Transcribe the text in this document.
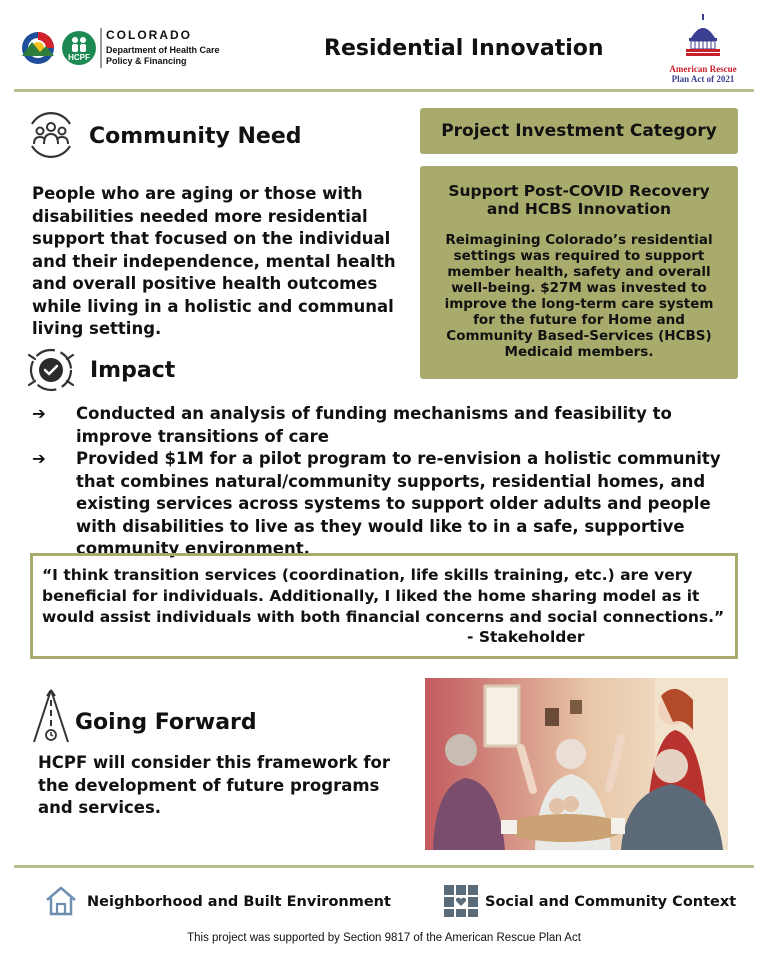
HCPF
COLORADO
Department of Health Care
Policy & Financing	Residential Innovation
American Rescue
Plan Act of 2021
Community Need
People who are aging or those with disabilities needed more residential support that focused on the individual and their independence, mental health and overall positive health outcomes while living in a holistic and communal living setting.
Project Investment Category
Support Post-COVID Recovery and HCBS Innovation
Reimagining Colorado’s residential settings was required to support member health, safety and overall well-being. $27M was invested to improve the long-term care system for the future for Home and Community Based-Services (HCBS) Medicaid members.
Impact
➔ Conducted an analysis of funding mechanisms and feasibility to improve transitions of care
➔ Provided $1M for a pilot program to re-envision a holistic community that combines natural/community supports, residential homes, and existing services across systems to support older adults and people with disabilities to live as they would like to in a safe, supportive community environment.
“I think transition services (coordination, life skills training, etc.) are very beneficial for individuals. Additionally, I liked the home sharing model as it would assist individuals with both financial concerns and social connections.”
- Stakeholder
Going Forward
HCPF will consider this framework for the development of future programs and services.
Neighborhood and Built Environment	Social and Community Context
This project was supported by Section 9817 of the American Rescue Plan Act
